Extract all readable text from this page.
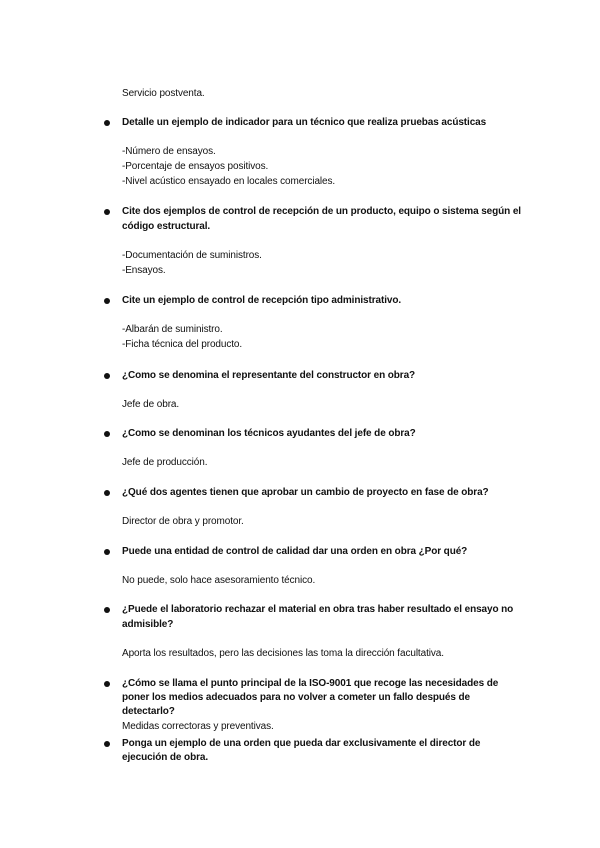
Servicio postventa.
Detalle un ejemplo de indicador para un técnico que realiza pruebas acústicas
-Número de ensayos.
-Porcentaje de ensayos positivos.
-Nivel acústico ensayado en locales comerciales.
Cite dos ejemplos de control de recepción de un producto, equipo o sistema según el
código estructural.
-Documentación de suministros.
-Ensayos.
Cite un ejemplo de control de recepción tipo administrativo.
-Albarán de suministro.
-Ficha técnica del producto.
¿Como se denomina el representante del constructor en obra?
Jefe de obra.
¿Como se denominan los técnicos ayudantes del jefe de obra?
Jefe de producción.
¿Qué dos agentes tienen que aprobar un cambio de proyecto en fase de obra?
Director de obra y promotor.
Puede una entidad de control de calidad dar una orden en obra ¿Por qué?
No puede, solo hace asesoramiento técnico.
¿Puede el laboratorio rechazar el material en obra tras haber resultado el ensayo no
admisible?
Aporta los resultados, pero las decisiones las toma la dirección facultativa.
¿Cómo se llama el punto principal de la ISO-9001 que recoge las necesidades de
poner los medios adecuados para no volver a cometer un fallo después de
detectarlo?
Medidas correctoras y preventivas.
Ponga un ejemplo de una orden que pueda dar exclusivamente el director de
ejecución de obra.
